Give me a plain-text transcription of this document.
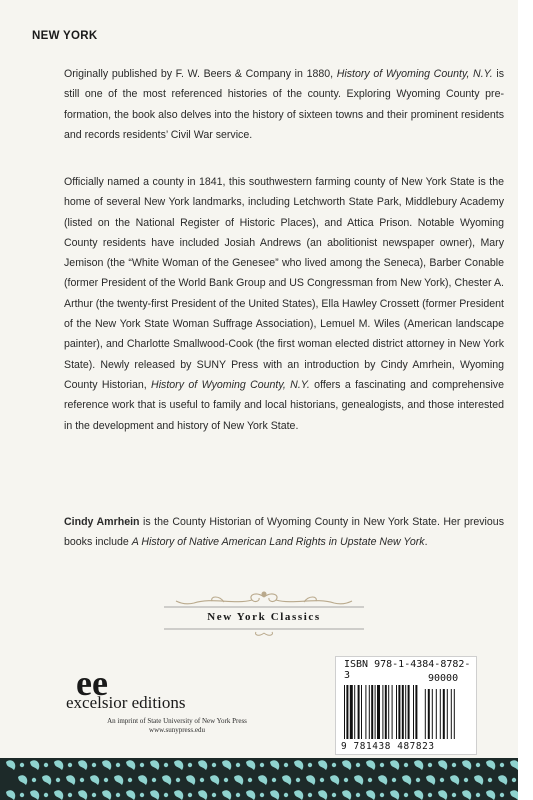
NEW YORK
Originally published by F. W. Beers & Company in 1880, History of Wyoming County, N.Y. is still one of the most referenced histories of the county. Exploring Wyoming County pre-formation, the book also delves into the history of sixteen towns and their prominent residents and records residents’ Civil War service.
Officially named a county in 1841, this southwestern farming county of New York State is the home of several New York landmarks, including Letchworth State Park, Middlebury Academy (listed on the National Register of Historic Places), and Attica Prison. Notable Wyoming County residents have included Josiah Andrews (an abolitionist newspaper owner), Mary Jemison (the “White Woman of the Genesee” who lived among the Seneca), Barber Conable (former President of the World Bank Group and US Congressman from New York), Chester A. Arthur (the twenty-first President of the United States), Ella Hawley Crossett (former President of the New York State Woman Suffrage Association), Lemuel M. Wiles (American landscape painter), and Charlotte Smallwood-Cook (the first woman elected district attorney in New York State). Newly released by SUNY Press with an introduction by Cindy Amrhein, Wyoming County Historian, History of Wyoming County, N.Y. offers a fascinating and comprehensive reference work that is useful to family and local historians, genealogists, and those interested in the development and history of New York State.
Cindy Amrhein is the County Historian of Wyoming County in New York State. Her previous books include A History of Native American Land Rights in Upstate New York.
New York Classics
ee
excelsior editions
An imprint of State University of New York Press
www.sunypress.edu
ISBN 978-1-4384-8782-3	90000
9 781438 487823
